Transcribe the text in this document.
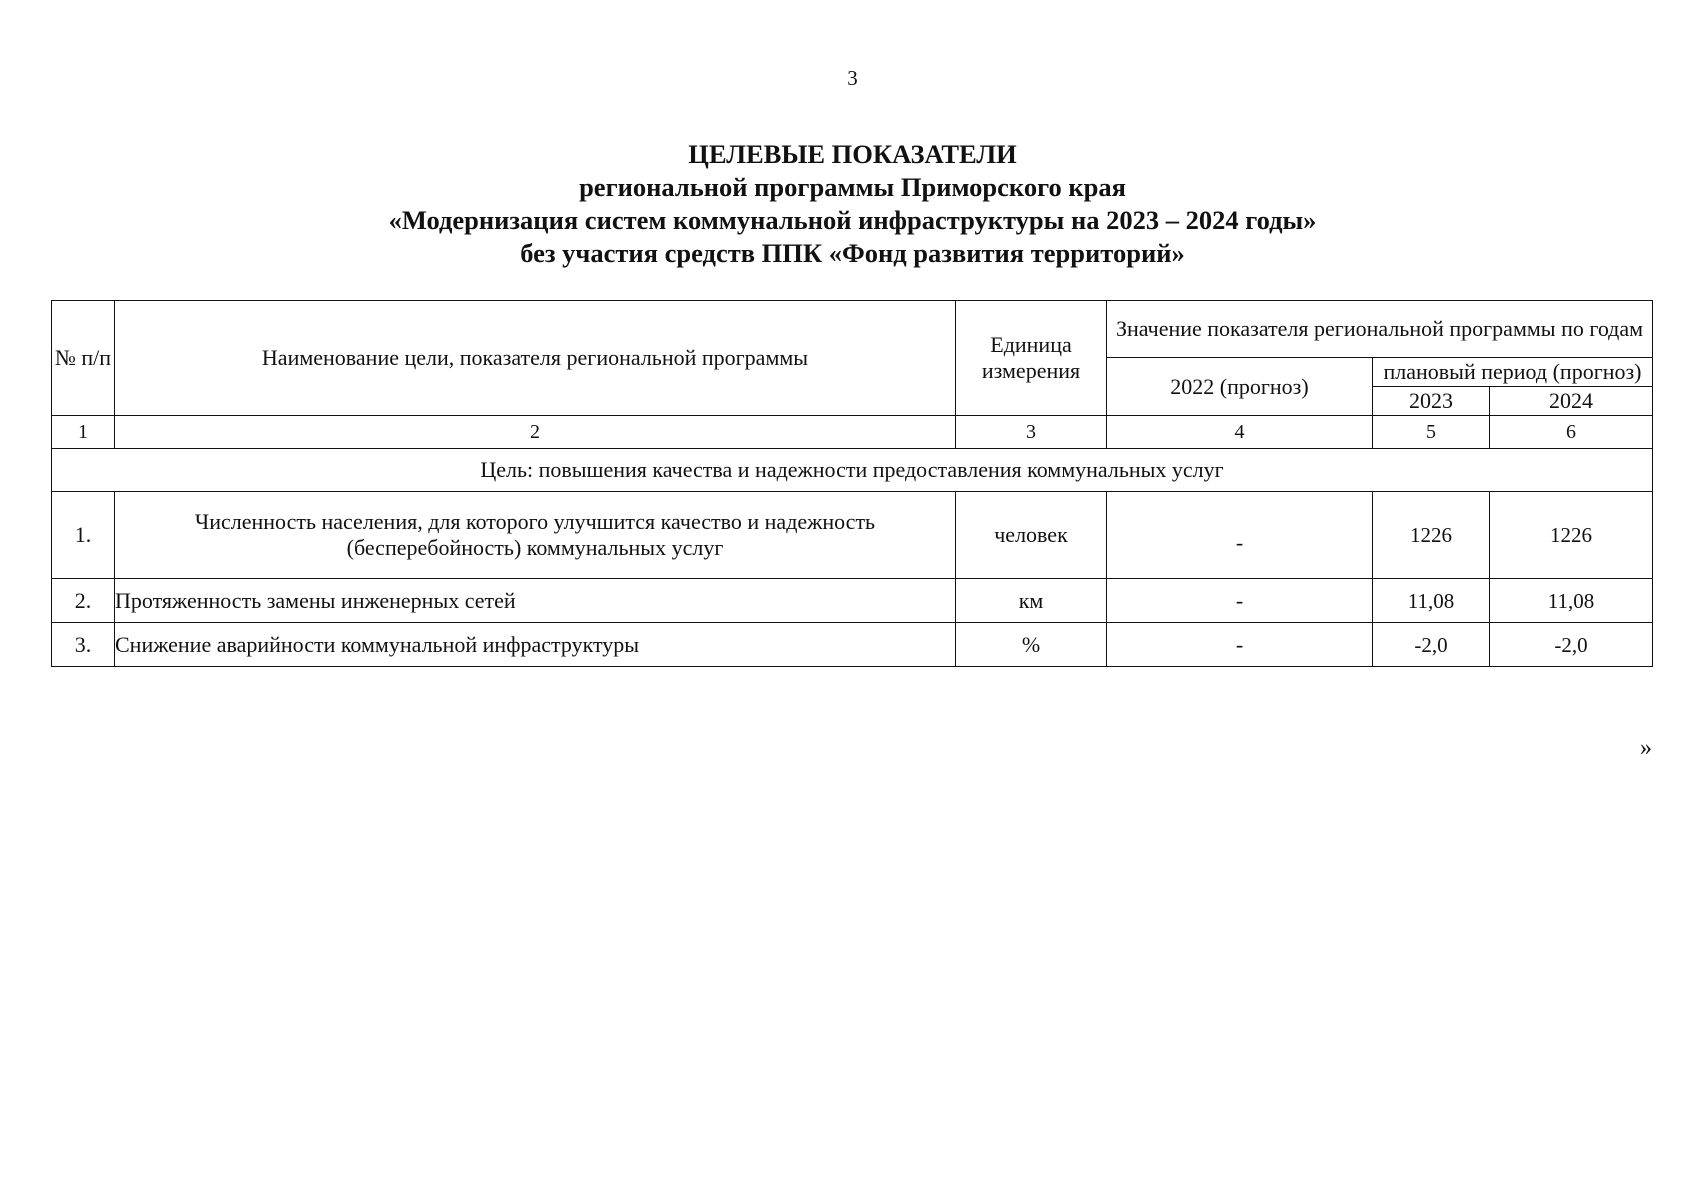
3
ЦЕЛЕВЫЕ ПОКАЗАТЕЛИ
региональной программы Приморского края
«Модернизация систем коммунальной инфраструктуры на 2023 – 2024 годы»
без участия средств ППК «Фонд развития территорий»
№ п/п	Наименование цели, показателя региональной программы	Единица измерения	Значение показателя региональной программы по годам		
			2022 (прогноз)	плановый период (прогноз)	
				2023	2024
1	2	3	4	5	6
Цель: повышения качества и надежности предоставления коммунальных услуг					
1.	Численность населения, для которого улучшится качество и надежность (бесперебойность) коммунальных услуг	человек	-	1226	1226
2.	Протяженность замены инженерных сетей	км	-	11,08	11,08
3.	Снижение аварийности коммунальной инфраструктуры	%	-	-2,0	-2,0
»
